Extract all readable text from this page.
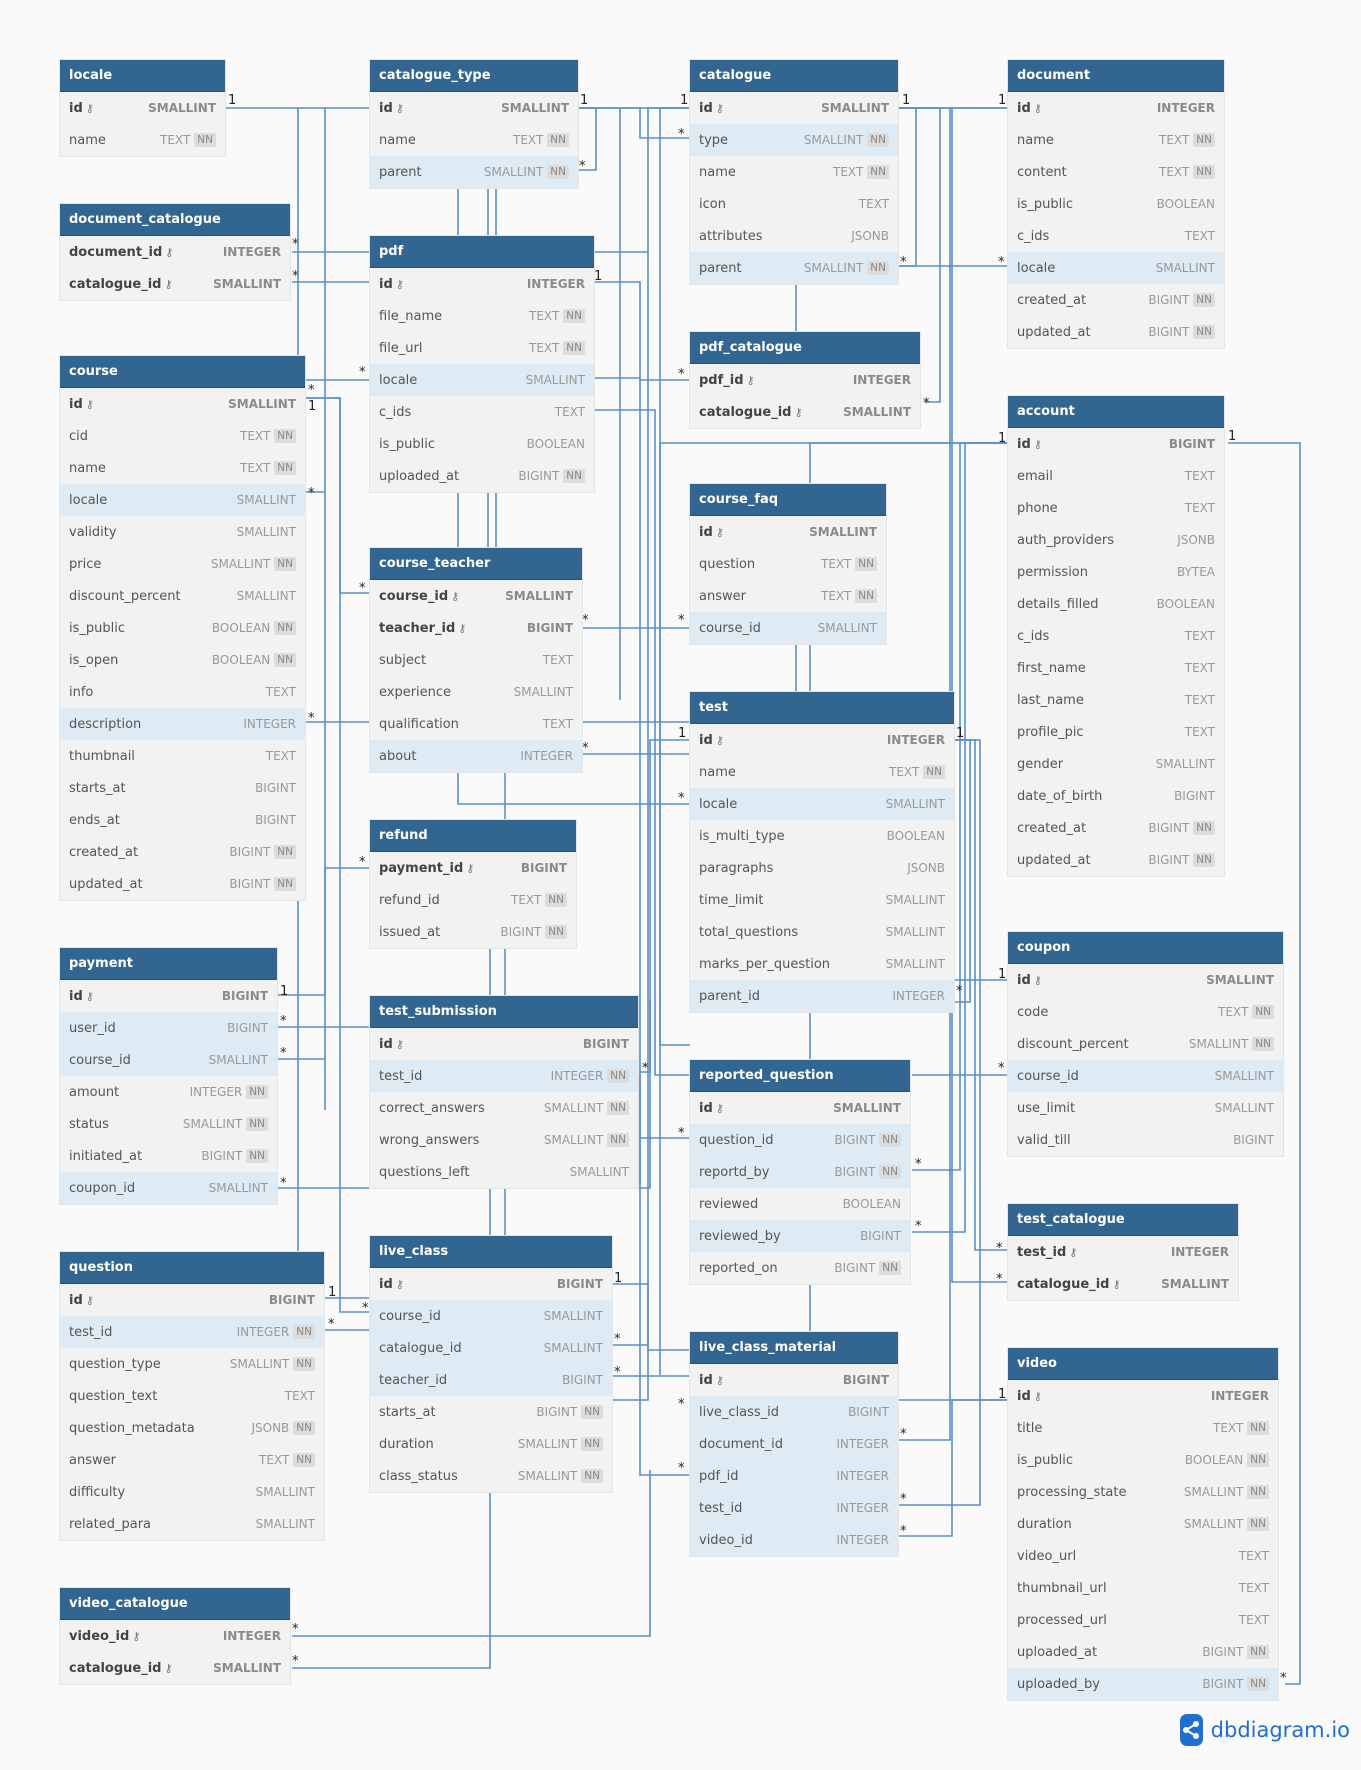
1	1	1	1	1
*
*
*	*
*
*	1
*	*
*
1
*
*
1	1
*
*
*	*
1	1
*
*
*
1
*
*
*
*
*
1
*
*
*
*
*
*
1
*
*
1
*
*
*
*
*
*
*
1
*
*
*
locale
id ⚷	SMALLINT
name	TEXT NN
catalogue_type
id ⚷	SMALLINT
name	TEXT NN
parent	SMALLINT NN
catalogue
id ⚷	SMALLINT
type	SMALLINT NN
name	TEXT NN
icon	TEXT
attributes	JSONB
parent	SMALLINT NN
document
id ⚷	INTEGER
name	TEXT NN
content	TEXT NN
is_public	BOOLEAN
c_ids	TEXT
locale	SMALLINT
created_at	BIGINT NN
updated_at	BIGINT NN
document_catalogue
document_id ⚷	INTEGER
catalogue_id ⚷	SMALLINT
pdf
id ⚷	INTEGER
file_name	TEXT NN
file_url	TEXT NN
locale	SMALLINT
c_ids	TEXT
is_public	BOOLEAN
uploaded_at	BIGINT NN
pdf_catalogue
pdf_id ⚷	INTEGER
catalogue_id ⚷	SMALLINT
course
id ⚷	SMALLINT
cid	TEXT NN
name	TEXT NN
locale	SMALLINT
validity	SMALLINT
price	SMALLINT NN
discount_percent	SMALLINT
is_public	BOOLEAN NN
is_open	BOOLEAN NN
info	TEXT
description	INTEGER
thumbnail	TEXT
starts_at	BIGINT
ends_at	BIGINT
created_at	BIGINT NN
updated_at	BIGINT NN
account
id ⚷	BIGINT
email	TEXT
phone	TEXT
auth_providers	JSONB
permission	BYTEA
details_filled	BOOLEAN
c_ids	TEXT
first_name	TEXT
last_name	TEXT
profile_pic	TEXT
gender	SMALLINT
date_of_birth	BIGINT
created_at	BIGINT NN
updated_at	BIGINT NN
course_faq
id ⚷	SMALLINT
question	TEXT NN
answer	TEXT NN
course_id	SMALLINT
course_teacher
course_id ⚷	SMALLINT
teacher_id ⚷	BIGINT
subject	TEXT
experience	SMALLINT
qualification	TEXT
about	INTEGER
test
id ⚷	INTEGER
name	TEXT NN
locale	SMALLINT
is_multi_type	BOOLEAN
paragraphs	JSONB
time_limit	SMALLINT
total_questions	SMALLINT
marks_per_question	SMALLINT
parent_id	INTEGER
refund
payment_id ⚷	BIGINT
refund_id	TEXT NN
issued_at	BIGINT NN
payment
id ⚷	BIGINT
user_id	BIGINT
course_id	SMALLINT
amount	INTEGER NN
status	SMALLINT NN
initiated_at	BIGINT NN
coupon_id	SMALLINT
test_submission
id ⚷	BIGINT
test_id	INTEGER NN
correct_answers	SMALLINT NN
wrong_answers	SMALLINT NN
questions_left	SMALLINT
coupon
id ⚷	SMALLINT
code	TEXT NN
discount_percent	SMALLINT NN
course_id	SMALLINT
use_limit	SMALLINT
valid_till	BIGINT
reported_question
id ⚷	SMALLINT
question_id	BIGINT NN
reportd_by	BIGINT NN
reviewed	BOOLEAN
reviewed_by	BIGINT
reported_on	BIGINT NN
test_catalogue
test_id ⚷	INTEGER
catalogue_id ⚷	SMALLINT
question
id ⚷	BIGINT
test_id	INTEGER NN
question_type	SMALLINT NN
question_text	TEXT
question_metadata	JSONB NN
answer	TEXT NN
difficulty	SMALLINT
related_para	SMALLINT
live_class
id ⚷	BIGINT
course_id	SMALLINT
catalogue_id	SMALLINT
teacher_id	BIGINT
starts_at	BIGINT NN
duration	SMALLINT NN
class_status	SMALLINT NN
live_class_material
id ⚷	BIGINT
live_class_id	BIGINT
document_id	INTEGER
pdf_id	INTEGER
test_id	INTEGER
video_id	INTEGER
video
id ⚷	INTEGER
title	TEXT NN
is_public	BOOLEAN NN
processing_state	SMALLINT NN
duration	SMALLINT NN
video_url	TEXT
thumbnail_url	TEXT
processed_url	TEXT
uploaded_at	BIGINT NN
uploaded_by	BIGINT NN
video_catalogue
video_id ⚷	INTEGER
catalogue_id ⚷	SMALLINT
dbdiagram.io
